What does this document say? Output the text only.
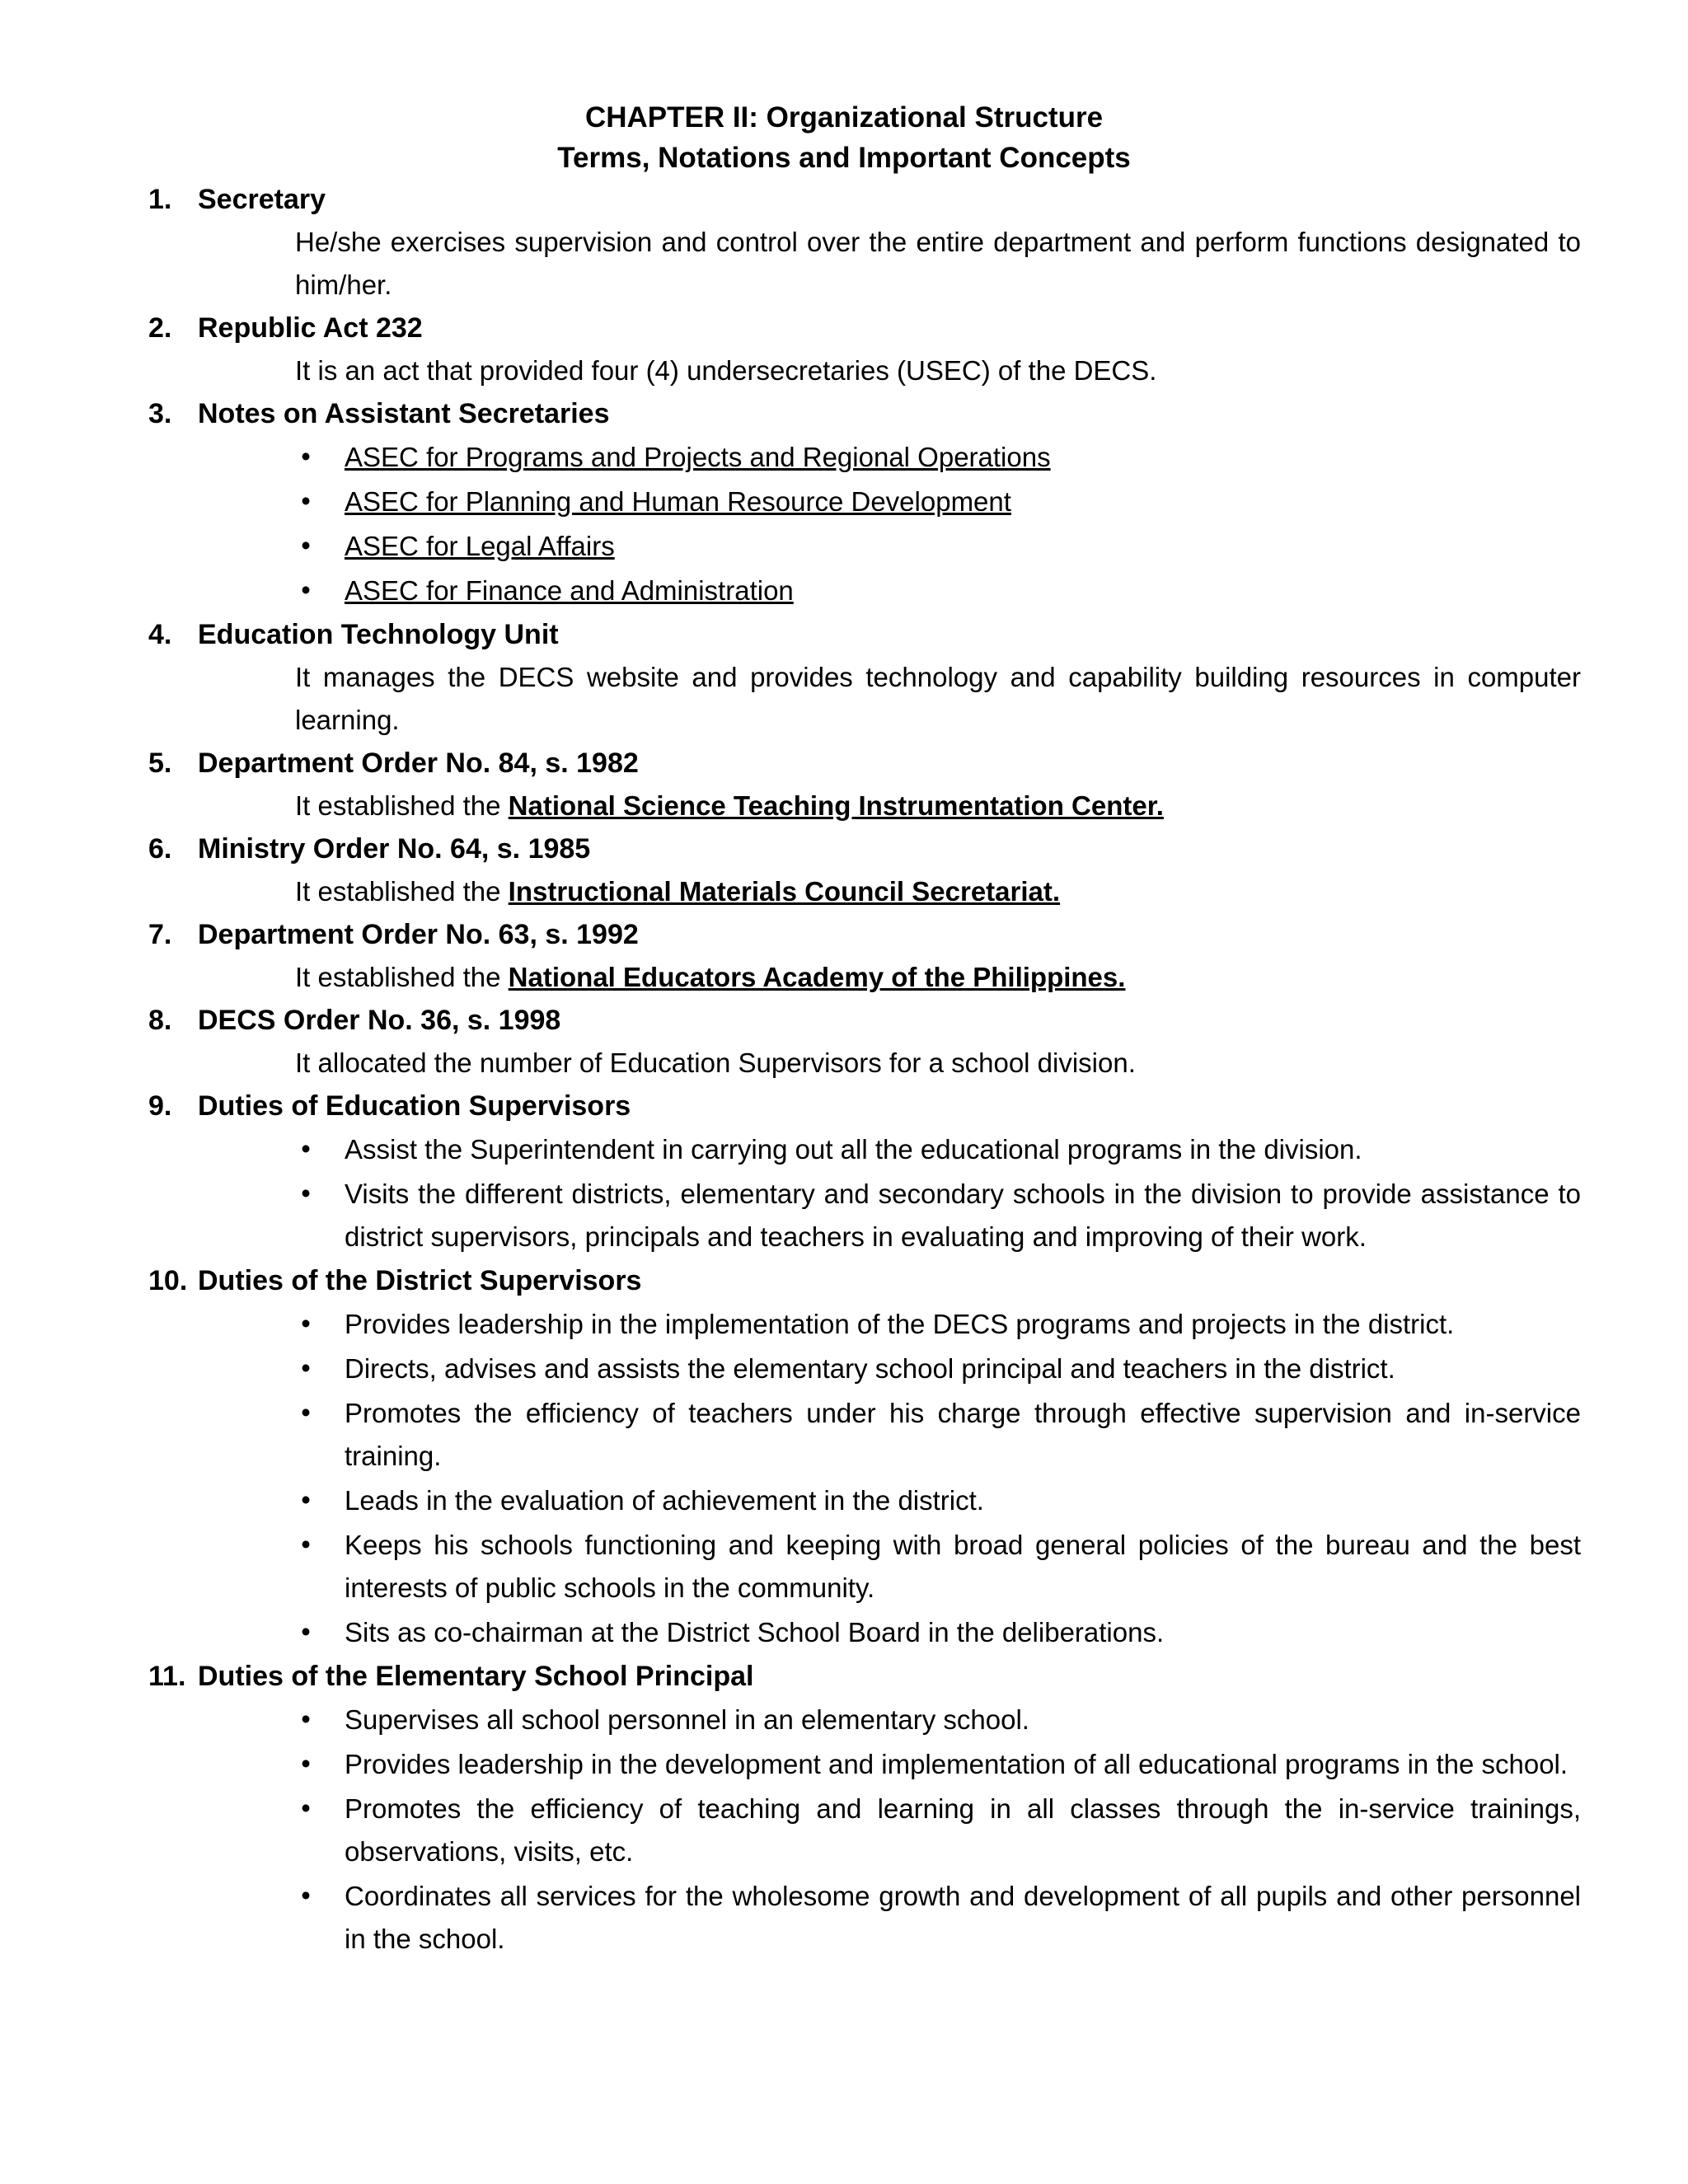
CHAPTER II: Organizational Structure
Terms, Notations and Important Concepts
1. Secretary
He/she exercises supervision and control over the entire department and perform functions designated to him/her.
2. Republic Act 232
It is an act that provided four (4) undersecretaries (USEC) of the DECS.
3. Notes on Assistant Secretaries
• ASEC for Programs and Projects and Regional Operations
• ASEC for Planning and Human Resource Development
• ASEC for Legal Affairs
• ASEC for Finance and Administration
4. Education Technology Unit
It manages the DECS website and provides technology and capability building resources in computer learning.
5. Department Order No. 84, s. 1982
It established the National Science Teaching Instrumentation Center.
6. Ministry Order No. 64, s. 1985
It established the Instructional Materials Council Secretariat.
7. Department Order No. 63, s. 1992
It established the National Educators Academy of the Philippines.
8. DECS Order No. 36, s. 1998
It allocated the number of Education Supervisors for a school division.
9. Duties of Education Supervisors
• Assist the Superintendent in carrying out all the educational programs in the division.
• Visits the different districts, elementary and secondary schools in the division to provide assistance to district supervisors, principals and teachers in evaluating and improving of their work.
10. Duties of the District Supervisors
• Provides leadership in the implementation of the DECS programs and projects in the district.
• Directs, advises and assists the elementary school principal and teachers in the district.
• Promotes the efficiency of teachers under his charge through effective supervision and in-service training.
• Leads in the evaluation of achievement in the district.
• Keeps his schools functioning and keeping with broad general policies of the bureau and the best interests of public schools in the community.
• Sits as co-chairman at the District School Board in the deliberations.
11. Duties of the Elementary School Principal
• Supervises all school personnel in an elementary school.
• Provides leadership in the development and implementation of all educational programs in the school.
• Promotes the efficiency of teaching and learning in all classes through the in-service trainings, observations, visits, etc.
• Coordinates all services for the wholesome growth and development of all pupils and other personnel in the school.
